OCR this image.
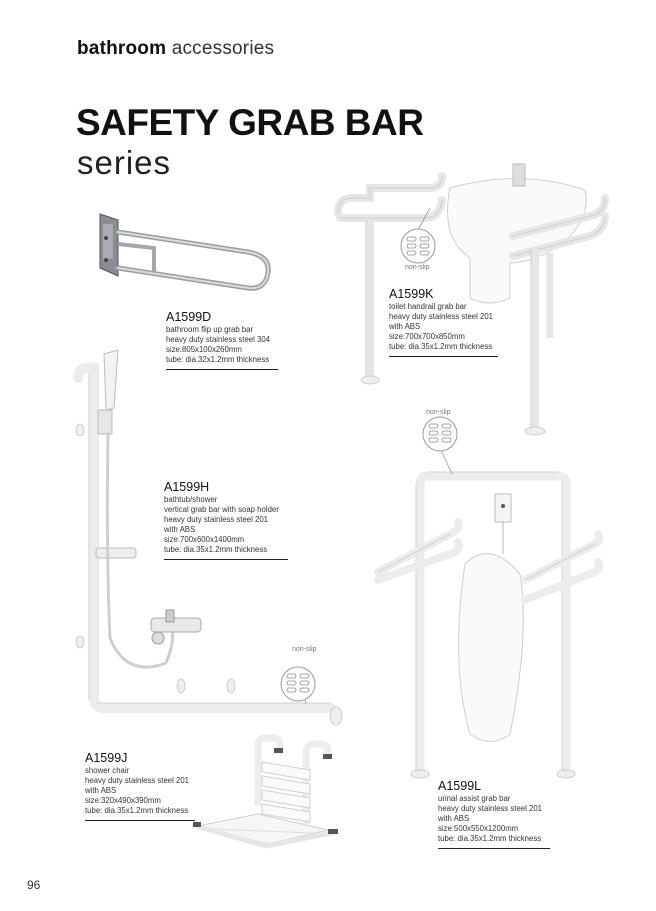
bathroom accessories
SAFETY GRAB BAR
series
non-slip
non-slip
non-slip
A1599D
bathroom flip up grab bar
heavy duty stainless steel 304
size:805x100x260mm
tube: dia.32x1.2mm thickness
A1599K
toilet handrail grab bar
heavy duty stainless steel 201
with ABS
size:700x700x850mm
tube: dia.35x1.2mm thickness
A1599H
bathtub/shower
vertical grab bar with soap holder
heavy duty stainless steel 201
with ABS
size:700x600x1400mm
tube: dia.35x1.2mm thickness
A1599J
shower chair
heavy duty stainless steel 201
with ABS
size:320x490x390mm
tube: dia.35x1.2mm thickness
A1599L
urinal assist grab bar
heavy duty stainless steel 201
with ABS
size:500x550x1200mm
tube: dia.35x1.2mm thickness
96
